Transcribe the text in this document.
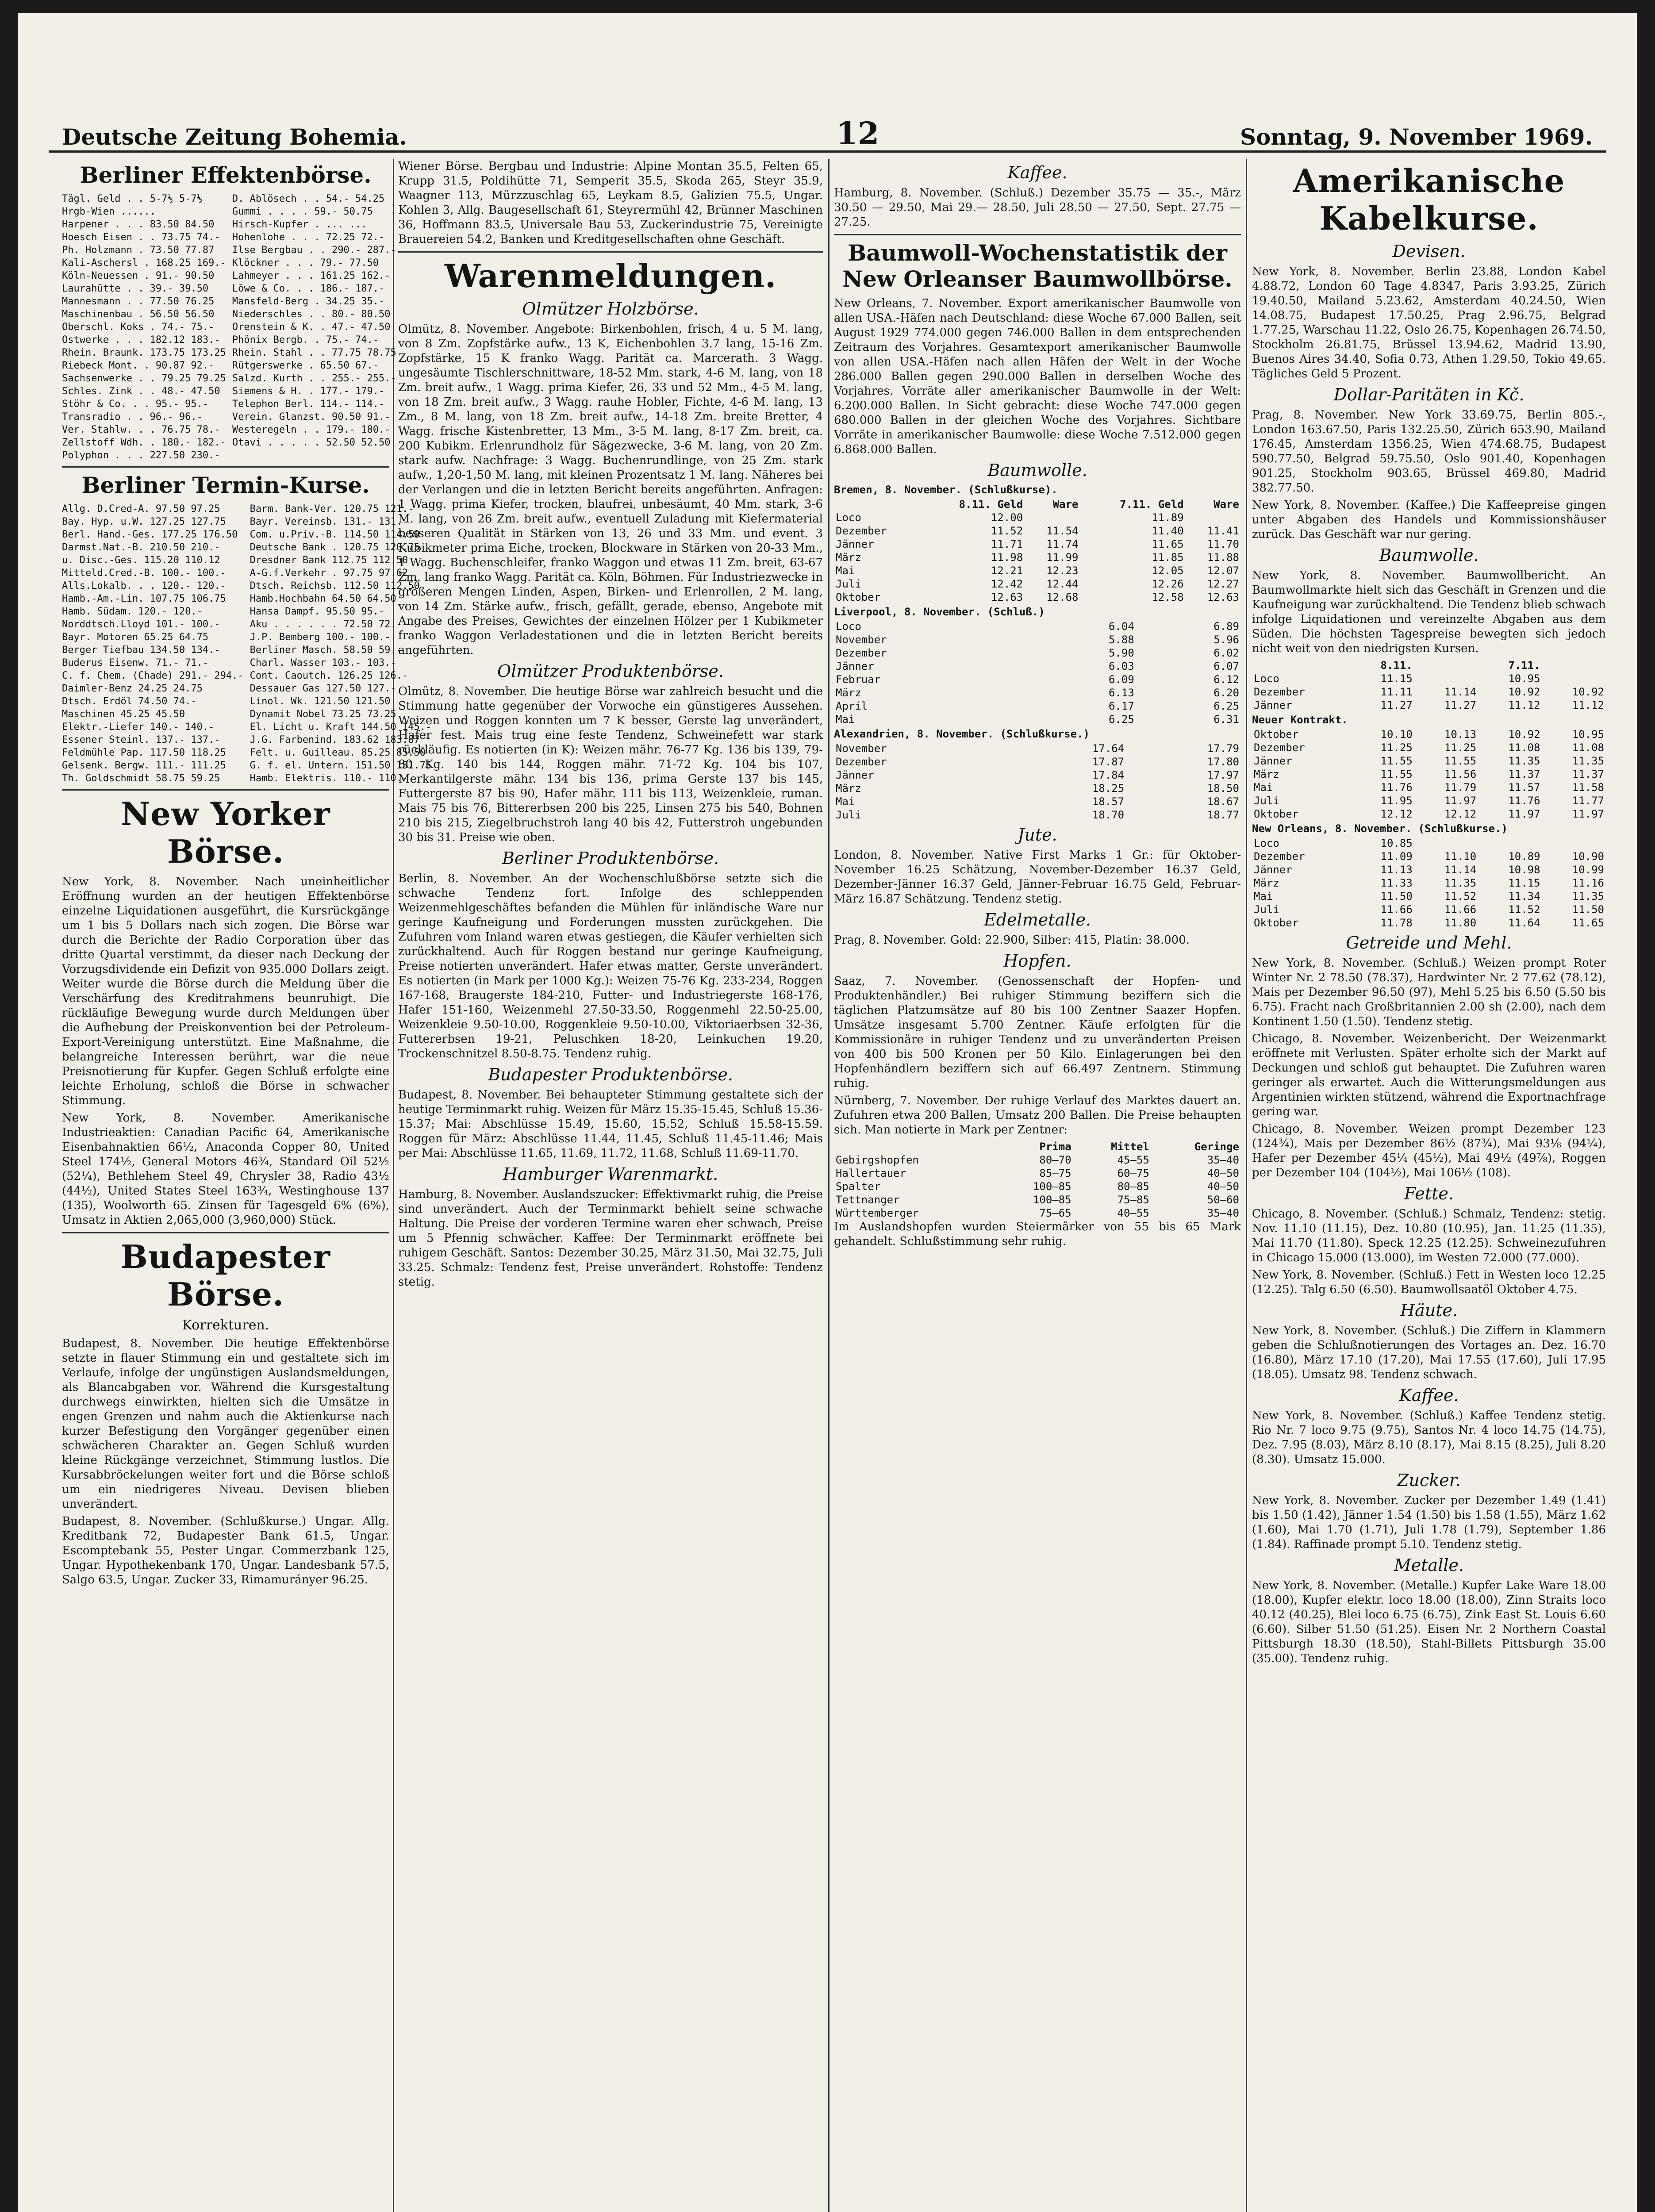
Deutsche Zeitung Bohemia.	12	Sonntag, 9. November 1969.
Berliner Effektenbörse.
Tägl. Geld . . 5-7½ 5-7½	D. Ablösech . . 54.- 54.25
Hrgb-Wien ......	Gummi . . . . 59.- 50.75
Harpener . . . 83.50 84.50	Hirsch-Kupfer . ... ...
Hoesch Eisen . . 73.75 74.-	Hohenlohe . . . 72.25 72.-
Ph. Holzmann . 73.50 77.87	Ilse Bergbau . . 290.- 287.-
Kali-Aschersl . 168.25 169.- Klöckner . . . 79.- 77.50
Köln-Neuessen . 91.- 90.50	Lahmeyer . . . 161.25 162.-
Laurahütte . . 39.- 39.50	Löwe & Co. . . 186.- 187.-
Mannesmann . . 77.50 76.25	Mansfeld-Berg . 34.25 35.-
Maschinenbau . 56.50 56.50	Niederschles . . 80.- 80.50
Oberschl. Koks . 74.- 75.-	Orenstein & K. . 47.- 47.50
Ostwerke . . . 182.12 183.-	Phönix Bergb. . 75.- 74.-
Rhein. Braunk. 173.75 173.25 Rhein. Stahl . . 77.75 78.75
Riebeck Mont. . 90.87 92.-	Rütgerswerke . 65.50 67.-
Sachsenwerke . . 79.25 79.25 Salzd. Kurth . . 255.- 255.-
Schles. Zink . . 48.- 47.50	Siemens & H. . 177.- 179.-
Stöhr & Co. . . 95.- 95.-	Telephon Berl. 114.- 114.-
Transradio . . 96.- 96.-	Verein. Glanzst. 90.50 91.-
Ver. Stahlw. . . 76.75 78.-	Westeregeln . . 179.- 180.-
Zellstoff Wdh. . 180.- 182.- Otavi . . . . . 52.50 52.50
Polyphon . . . 227.50 230.-
Berliner Termin-Kurse.
Allg. D.Cred-A. 97.50 97.25	Barm. Bank-Ver. 120.75 121.-
Bay. Hyp. u.W. 127.25 127.75	Bayr. Vereinsb. 131.- 131.-
Berl. Hand.-Ges. 177.25 176.50	Com. u.Priv.-B. 114.50 114.50
Darmst.Nat.-B. 210.50 210.-	Deutsche Bank . 120.75 120.75
u. Disc.-Ges. 115.20 110.12	Dresdner Bank 112.75 112.50
Mitteld.Cred.-B. 100.- 100.-	A-G.f.Verkehr . 97.75 97.62
Alls.Lokalb. . . 120.- 120.-	Dtsch. Reichsb. 112.50 112.50
Hamb.-Am.-Lin. 107.75 106.75	Hamb.Hochbahn 64.50 64.50
Hamb. Südam. 120.- 120.-	Hansa Dampf. 95.50 95.-
Norddtsch.Lloyd 101.- 100.-	Aku . . . . . . 72.50 72.-
Bayr. Motoren 65.25 64.75	J.P. Bemberg 100.- 100.-
Berger Tiefbau 134.50 134.-	Berliner Masch. 58.50 59.-
Buderus Eisenw. 71.- 71.-	Charl. Wasser 103.- 103.-
C. f. Chem. (Chade) 291.- 294.- Cont. Caoutch. 126.25 126.-
Daimler-Benz 24.25 24.75	Dessauer Gas 127.50 127.-
Dtsch. Erdöl 74.50 74.-	Linol. Wk. 121.50 121.50
Maschinen 45.25 45.50	Dynamit Nobel 73.25 73.25
Elektr.-Liefer 140.- 140.-	El. Licht u. Kraft 144.50 145.-
Essener Steinl. 137.- 137.-	J.G. Farbenind. 183.62 183.87
Feldmühle Pap. 117.50 118.25	Felt. u. Guilleau. 85.25 85.50
Gelsenk. Bergw. 111.- 111.25	G. f. el. Untern. 151.50 151.75
Th. Goldschmidt 58.75 59.25	Hamb. Elektris. 110.- 110.-
New Yorker Börse.

New York, 8. November. Nach uneinheitlicher Eröffnung wurden an der heutigen Effektenbörse einzelne Liquidationen ausgeführt, die Kursrückgänge um 1 bis 5 Dollars nach sich zogen. Die Börse war durch die Berichte der Radio Corporation über das dritte Quartal verstimmt, da dieser nach Deckung der Vorzugsdividende ein Defizit von 935.000 Dollars zeigt. Weiter wurde die Börse durch die Meldung über die Verschärfung des Kreditrahmens beunruhigt. Die rückläufige Bewegung wurde durch Meldungen über die Aufhebung der Preiskonvention bei der Petroleum-Export-Vereinigung unterstützt. Eine Maßnahme, die belangreiche Interessen berührt, war die neue Preisnotierung für Kupfer. Gegen Schluß erfolgte eine leichte Erholung, schloß die Börse in schwacher Stimmung.

New York, 8. November. Amerikanische Industrieaktien: Canadian Pacific 64, Amerikanische Eisenbahnaktien 66½, Anaconda Copper 80, United Steel 174½, General Motors 46¾, Standard Oil 52½ (52¼), Bethlehem Steel 49, Chrysler 38, Radio 43½ (44½), United States Steel 163¾, Westinghouse 137 (135), Woolworth 65. Zinsen für Tagesgeld 6% (6%), Umsatz in Aktien 2,065,000 (3,960,000) Stück.

Budapester Börse.
Korrekturen.

Budapest, 8. November. Die heutige Effektenbörse setzte in flauer Stimmung ein und gestaltete sich im Verlaufe, infolge der ungünstigen Auslandsmeldungen, als Blancabgaben vor. Während die Kursgestaltung durchwegs einwirkten, hielten sich die Umsätze in engen Grenzen und nahm auch die Aktienkurse nach kurzer Befestigung den Vorgänger gegenüber einen schwächeren Charakter an. Gegen Schluß wurden kleine Rückgänge verzeichnet, Stimmung lustlos. Die Kursabbröckelungen weiter fort und die Börse schloß um ein niedrigeres Niveau. Devisen blieben unverändert.

Budapest, 8. November. (Schlußkurse.) Ungar. Allg. Kreditbank 72, Budapester Bank 61.5, Ungar. Escomptebank 55, Pester Ungar. Commerzbank 125, Ungar. Hypothekenbank 170, Ungar. Landesbank 57.5, Salgo 63.5, Ungar. Zucker 33, Rimamurányer 96.25.

Wiener Börse. Bergbau und Industrie: Alpine Montan 35.5, Felten 65, Krupp 31.5, Poldihütte 71, Semperit 35.5, Skoda 265, Steyr 35.9, Waagner 113, Mürzzuschlag 65, Leykam 8.5, Galizien 75.5, Ungar. Kohlen 3, Allg. Baugesellschaft 61, Steyrermühl 42, Brünner Maschinen 36, Hoffmann 83.5, Universale Bau 53, Zuckerindustrie 75, Vereinigte Brauereien 54.2, Banken und Kreditgesellschaften ohne Geschäft.

Warenmeldungen.
Olmützer Holzbörse.

Olmütz, 8. November. Angebote: Birkenbohlen, frisch, 4 u. 5 M. lang, von 8 Zm. Zopfstärke aufw., 13 K, Eichenbohlen 3.7 lang, 15-16 Zm. Zopfstärke, 15 K franko Wagg. Parität ca. Marcerath. 3 Wagg. ungesäumte Tischlerschnittware, 18-52 Mm. stark, 4-6 M. lang, von 18 Zm. breit aufw., 1 Wagg. prima Kiefer, 26, 33 und 52 Mm., 4-5 M. lang, von 18 Zm. breit aufw., 3 Wagg. rauhe Hobler, Fichte, 4-6 M. lang, 13 Zm., 8 M. lang, von 18 Zm. breit aufw., 14-18 Zm. breite Bretter, 4 Wagg. frische Kistenbretter, 13 Mm., 3-5 M. lang, 8-17 Zm. breit, ca. 200 Kubikm. Erlenrundholz für Sägezwecke, 3-6 M. lang, von 20 Zm. stark aufw. Nachfrage: 3 Wagg. Buchenrundlinge, von 25 Zm. stark aufw., 1,20-1,50 M. lang, mit kleinen Prozentsatz 1 M. lang. Näheres bei der Verlangen und die in letzten Bericht bereits angeführten. Anfragen: 1 Wagg. prima Kiefer, trocken, blaufrei, unbesäumt, 40 Mm. stark, 3-6 M. lang, von 26 Zm. breit aufw., eventuell Zuladung mit Kiefermaterial besseren Qualität in Stärken von 13, 26 und 33 Mm. und event. 3 Kubikmeter prima Eiche, trocken, Blockware in Stärken von 20-33 Mm., 1 Wagg. Buchenschleifer, franko Waggon und etwas 11 Zm. breit, 63-67 Zm. lang franko Wagg. Parität ca. Köln, Böhmen. Für Industriezwecke in größeren Mengen Linden, Aspen, Birken- und Erlenrollen, 2 M. lang, von 14 Zm. Stärke aufw., frisch, gefällt, gerade, ebenso, Angebote mit Angabe des Preises, Gewichtes der einzelnen Hölzer per 1 Kubikmeter franko Waggon Verladestationen und die in letzten Bericht bereits angeführten.

Olmützer Produktenbörse.

Olmütz, 8. November. Die heutige Börse war zahlreich besucht und die Stimmung hatte gegenüber der Vorwoche ein günstigeres Aussehen. Weizen und Roggen konnten um 7 K besser, Gerste lag unverändert, Hafer fest. Mais trug eine feste Tendenz, Schweinefett war stark rückläufig. Es notierten (in K): Weizen mähr. 76-77 Kg. 136 bis 139, 79-80 Kg. 140 bis 144, Roggen mähr. 71-72 Kg. 104 bis 107, Merkantilgerste mähr. 134 bis 136, prima Gerste 137 bis 145, Futtergerste 87 bis 90, Hafer mähr. 111 bis 113, Weizenkleie, ruman. Mais 75 bis 76, Bittererbsen 200 bis 225, Linsen 275 bis 540, Bohnen 210 bis 215, Ziegelbruchstroh lang 40 bis 42, Futterstroh ungebunden 30 bis 31. Preise wie oben.

Berliner Produktenbörse.

Berlin, 8. November. An der Wochenschlußbörse setzte sich die schwache Tendenz fort. Infolge des schleppenden Weizenmehlgeschäftes befanden die Mühlen für inländische Ware nur geringe Kaufneigung und Forderungen mussten zurückgehen. Die Zufuhren vom Inland waren etwas gestiegen, die Käufer verhielten sich zurückhaltend. Auch für Roggen bestand nur geringe Kaufneigung, Preise notierten unverändert. Hafer etwas matter, Gerste unverändert. Es notierten (in Mark per 1000 Kg.): Weizen 75-76 Kg. 233-234, Roggen 167-168, Braugerste 184-210, Futter- und Industriegerste 168-176, Hafer 151-160, Weizenmehl 27.50-33.50, Roggenmehl 22.50-25.00, Weizenkleie 9.50-10.00, Roggenkleie 9.50-10.00, Viktoriaerbsen 32-36, Futtererbsen 19-21, Peluschken 18-20, Leinkuchen 19.20, Trockenschnitzel 8.50-8.75. Tendenz ruhig.

Budapester Produktenbörse.

Budapest, 8. November. Bei behaupteter Stimmung gestaltete sich der heutige Terminmarkt ruhig. Weizen für März 15.35-15.45, Schluß 15.36-15.37; Mai: Abschlüsse 15.49, 15.60, 15.52, Schluß 15.58-15.59. Roggen für März: Abschlüsse 11.44, 11.45, Schluß 11.45-11.46; Mais per Mai: Abschlüsse 11.65, 11.69, 11.72, 11.68, Schluß 11.69-11.70.

Hamburger Warenmarkt.

Hamburg, 8. November. Auslandszucker: Effektivmarkt ruhig, die Preise sind unverändert. Auch der Terminmarkt behielt seine schwache Haltung. Die Preise der vorderen Termine waren eher schwach, Preise um 5 Pfennig schwächer. Kaffee: Der Terminmarkt eröffnete bei ruhigem Geschäft. Santos: Dezember 30.25, März 31.50, Mai 32.75, Juli 33.25. Schmalz: Tendenz fest, Preise unverändert. Rohstoffe: Tendenz stetig.

Kaffee.

Hamburg, 8. November. (Schluß.) Dezember 35.75 — 35.-, März 30.50 — 29.50, Mai 29.— 28.50, Juli 28.50 — 27.50, Sept. 27.75 — 27.25.

Baumwoll-Wochenstatistik der New Orleanser Baumwollbörse.

New Orleans, 7. November. Export amerikanischer Baumwolle von allen USA.-Häfen nach Deutschland: diese Woche 67.000 Ballen, seit August 1929 774.000 gegen 746.000 Ballen in dem entsprechenden Zeitraum des Vorjahres. Gesamtexport amerikanischer Baumwolle von allen USA.-Häfen nach allen Häfen der Welt in der Woche 286.000 Ballen gegen 290.000 Ballen in derselben Woche des Vorjahres. Vorräte aller amerikanischer Baumwolle in der Welt: 6.200.000 Ballen. In Sicht gebracht: diese Woche 747.000 gegen 680.000 Ballen in der gleichen Woche des Vorjahres. Sichtbare Vorräte in amerikanischer Baumwolle: diese Woche 7.512.000 gegen 6.868.000 Ballen.

Baumwolle.
Bremen, 8. November. (Schlußkurse).
	8.11. Geld	Ware	7.11. Geld	Ware
Loco	12.00		11.89	
Dezember	11.52	11.54	11.40	11.41
Jänner	11.71	11.74	11.65	11.70
März	11.98	11.99	11.85	11.88
Mai	12.21	12.23	12.05	12.07
Juli	12.42	12.44	12.26	12.27
Oktober	12.63	12.68	12.58	12.63
Liverpool, 8. November. (Schluß.)
Loco	6.04	6.89
November	5.88	5.96
Dezember	5.90	6.02
Jänner	6.03	6.07
Februar	6.09	6.12
März	6.13	6.20
April	6.17	6.25
Mai	6.25	6.31
Alexandrien, 8. November. (Schlußkurse.)
November	17.64	17.79
Dezember	17.87	17.80
Jänner	17.84	17.97
März	18.25	18.50
Mai	18.57	18.67
Juli	18.70	18.77
Jute.

London, 8. November. Native First Marks 1 Gr.: für Oktober-November 16.25 Schätzung, November-Dezember 16.37 Geld, Dezember-Jänner 16.37 Geld, Jänner-Februar 16.75 Geld, Februar-März 16.87 Schätzung. Tendenz stetig.

Edelmetalle.

Prag, 8. November. Gold: 22.900, Silber: 415, Platin: 38.000.

Hopfen.

Saaz, 7. November. (Genossenschaft der Hopfen- und Produktenhändler.) Bei ruhiger Stimmung beziffern sich die täglichen Platzumsätze auf 80 bis 100 Zentner Saazer Hopfen. Umsätze insgesamt 5.700 Zentner. Käufe erfolgten für die Kommissionäre in ruhiger Tendenz und zu unveränderten Preisen von 400 bis 500 Kronen per 50 Kilo. Einlagerungen bei den Hopfenhändlern beziffern sich auf 66.497 Zentnern. Stimmung ruhig.

Nürnberg, 7. November. Der ruhige Verlauf des Marktes dauert an. Zufuhren etwa 200 Ballen, Umsatz 200 Ballen. Die Preise behaupten sich. Man notierte in Mark per Zentner:

	Prima	Mittel	Geringe
Gebirgshopfen	80—70	45—55	35—40
Hallertauer	85—75	60—75	40—50
Spalter	100—85	80—85	40—50
Tettnanger	100—85	75—85	50—60
Württemberger	75—65	40—55	35—40

Im Auslandshopfen wurden Steiermärker von 55 bis 65 Mark gehandelt. Schlußstimmung sehr ruhig.

Amerikanische Kabelkurse.
Devisen.

New York, 8. November. Berlin 23.88, London Kabel 4.88.72, London 60 Tage 4.8347, Paris 3.93.25, Zürich 19.40.50, Mailand 5.23.62, Amsterdam 40.24.50, Wien 14.08.75, Budapest 17.50.25, Prag 2.96.75, Belgrad 1.77.25, Warschau 11.22, Oslo 26.75, Kopenhagen 26.74.50, Stockholm 26.81.75, Brüssel 13.94.62, Madrid 13.90, Buenos Aires 34.40, Sofia 0.73, Athen 1.29.50, Tokio 49.65. Tägliches Geld 5 Prozent.

Dollar-Paritäten in Kč.

Prag, 8. November. New York 33.69.75, Berlin 805.-, London 163.67.50, Paris 132.25.50, Zürich 653.90, Mailand 176.45, Amsterdam 1356.25, Wien 474.68.75, Budapest 590.77.50, Belgrad 59.75.50, Oslo 901.40, Kopenhagen 901.25, Stockholm 903.65, Brüssel 469.80, Madrid 382.77.50.

New York, 8. November. (Kaffee.) Die Kaffeepreise gingen unter Abgaben des Handels und Kommissionshäuser zurück. Das Geschäft war nur gering.

Baumwolle.

New York, 8. November. Baumwollbericht. An Baumwollmarkte hielt sich das Geschäft in Grenzen und die Kaufneigung war zurückhaltend. Die Tendenz blieb schwach infolge Liquidationen und vereinzelte Abgaben aus dem Süden. Die höchsten Tagespreise bewegten sich jedoch nicht weit von den niedrigsten Kursen.

	8.11.		7.11.	
Loco	11.15		10.95	
Dezember	11.11	11.14	10.92	10.92
Jänner	11.27	11.27	11.12	11.12
Neuer Kontrakt.
Oktober	10.10	10.13	10.92	10.95
Dezember	11.25	11.25	11.08	11.08
Jänner	11.55	11.55	11.35	11.35
März	11.55	11.56	11.37	11.37
Mai	11.76	11.79	11.57	11.58
Juli	11.95	11.97	11.76	11.77
Oktober	12.12	12.12	11.97	11.97
New Orleans, 8. November. (Schlußkurse.)
Loco	10.85			
Dezember	11.09	11.10	10.89	10.90
Jänner	11.13	11.14	10.98	10.99
März	11.33	11.35	11.15	11.16
Mai	11.50	11.52	11.34	11.35
Juli	11.66	11.66	11.52	11.50
Oktober	11.78	11.80	11.64	11.65
Getreide und Mehl.

New York, 8. November. (Schluß.) Weizen prompt Roter Winter Nr. 2 78.50 (78.37), Hardwinter Nr. 2 77.62 (78.12), Mais per Dezember 96.50 (97), Mehl 5.25 bis 6.50 (5.50 bis 6.75). Fracht nach Großbritannien 2.00 sh (2.00), nach dem Kontinent 1.50 (1.50). Tendenz stetig.

Chicago, 8. November. Weizenbericht. Der Weizenmarkt eröffnete mit Verlusten. Später erholte sich der Markt auf Deckungen und schloß gut behauptet. Die Zufuhren waren geringer als erwartet. Auch die Witterungsmeldungen aus Argentinien wirkten stützend, während die Exportnachfrage gering war.

Chicago, 8. November. Weizen prompt Dezember 123 (124¾), Mais per Dezember 86½ (87¾), Mai 93⅛ (94¼), Hafer per Dezember 45¼ (45½), Mai 49½ (49⅞), Roggen per Dezember 104 (104½), Mai 106½ (108).

Fette.

Chicago, 8. November. (Schluß.) Schmalz, Tendenz: stetig. Nov. 11.10 (11.15), Dez. 10.80 (10.95), Jan. 11.25 (11.35), Mai 11.70 (11.80). Speck 12.25 (12.25). Schweinezufuhren in Chicago 15.000 (13.000), im Westen 72.000 (77.000).

New York, 8. November. (Schluß.) Fett in Westen loco 12.25 (12.25). Talg 6.50 (6.50). Baumwollsaatöl Oktober 4.75.

Häute.

New York, 8. November. (Schluß.) Die Ziffern in Klammern geben die Schlußnotierungen des Vortages an. Dez. 16.70 (16.80), März 17.10 (17.20), Mai 17.55 (17.60), Juli 17.95 (18.05). Umsatz 98. Tendenz schwach.

Kaffee.

New York, 8. November. (Schluß.) Kaffee Tendenz stetig. Rio Nr. 7 loco 9.75 (9.75), Santos Nr. 4 loco 14.75 (14.75), Dez. 7.95 (8.03), März 8.10 (8.17), Mai 8.15 (8.25), Juli 8.20 (8.30). Umsatz 15.000.

Zucker.

New York, 8. November. Zucker per Dezember 1.49 (1.41) bis 1.50 (1.42), Jänner 1.54 (1.50) bis 1.58 (1.55), März 1.62 (1.60), Mai 1.70 (1.71), Juli 1.78 (1.79), September 1.86 (1.84). Raffinade prompt 5.10. Tendenz stetig.

Metalle.

New York, 8. November. (Metalle.) Kupfer Lake Ware 18.00 (18.00), Kupfer elektr. loco 18.00 (18.00), Zinn Straits loco 40.12 (40.25), Blei loco 6.75 (6.75), Zink East St. Louis 6.60 (6.60). Silber 51.50 (51.25). Eisen Nr. 2 Northern Coastal Pittsburgh 18.30 (18.50), Stahl-Billets Pittsburgh 35.00 (35.00). Tendenz ruhig.
